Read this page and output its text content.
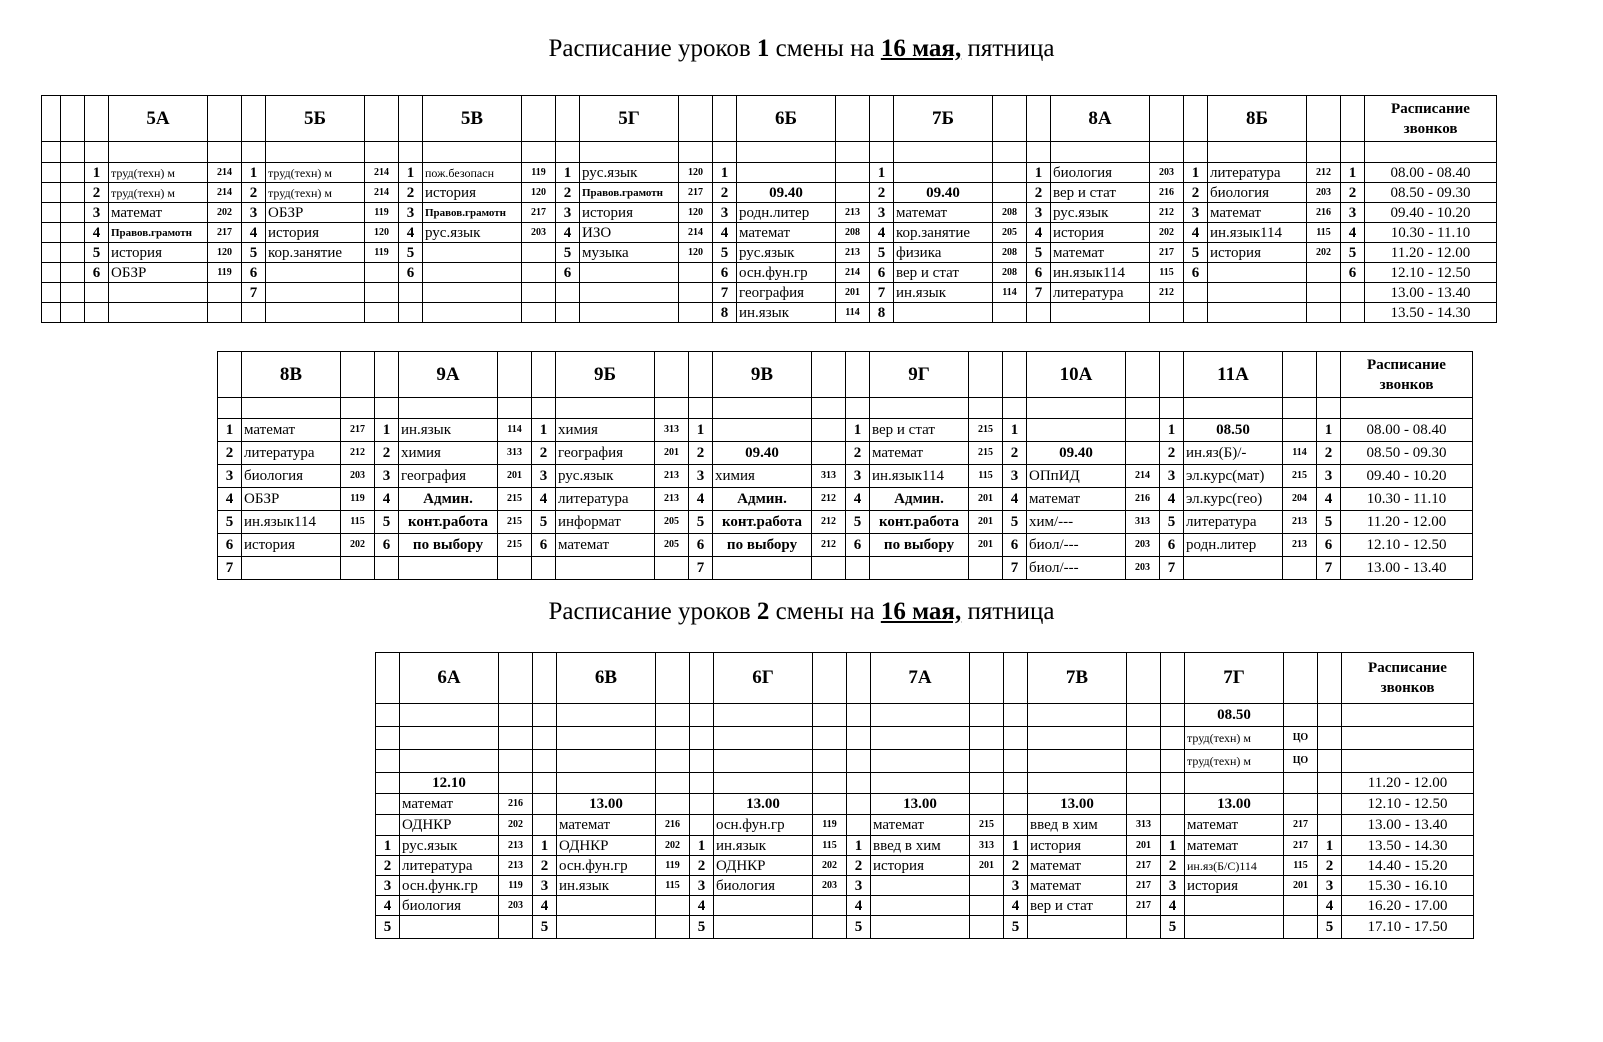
Расписание уроков 1 смены на 16 мая, пятница
			5А			5Б			5В			5Г			6Б			7Б			8А			8Б			Расписание звонков

		1	труд(техн) м	214	1	труд(техн) м	214	1	пож.безопасн	119	1	рус.язык	120	1			1			1	биология	203	1	литература	212	1	08.00 - 08.40
		2	труд(техн) м	214	2	труд(техн) м	214	2	история	120	2	Правов.грамотн	217	2	09.40		2	09.40		2	вер и стат	216	2	биология	203	2	08.50 - 09.30
		3	математ	202	3	ОБЗР	119	3	Правов.грамотн	217	3	история	120	3	родн.литер	213	3	математ	208	3	рус.язык	212	3	математ	216	3	09.40 - 10.20
		4	Правов.грамотн	217	4	история	120	4	рус.язык	203	4	ИЗО	214	4	математ	208	4	кор.занятие	205	4	история	202	4	ин.язык114	115	4	10.30 - 11.10
		5	история	120	5	кор.занятие	119	5			5	музыка	120	5	рус.язык	213	5	физика	208	5	математ	217	5	история	202	5	11.20 - 12.00
		6	ОБЗР	119	6			6			6			6	осн.фун.гр	214	6	вер и стат	208	6	ин.язык114	115	6			6	12.10 - 12.50
					7									7	география	201	7	ин.язык	114	7	литература	212					13.00 - 13.40
														8	ин.язык	114	8										13.50 - 14.30
	8В			9А			9Б			9В			9Г			10А			11А			Расписание звонков

1	математ	217	1	ин.язык	114	1	химия	313	1			1	вер и стат	215	1			1	08.50		1	08.00 - 08.40
2	литература	212	2	химия	313	2	география	201	2	09.40		2	математ	215	2	09.40		2	ин.яз(Б)/-	114	2	08.50 - 09.30
3	биология	203	3	география	201	3	рус.язык	213	3	химия	313	3	ин.язык114	115	3	ОПпИД	214	3	эл.курс(мат)	215	3	09.40 - 10.20
4	ОБЗР	119	4	Админ.	215	4	литература	213	4	Админ.	212	4	Админ.	201	4	математ	216	4	эл.курс(гео)	204	4	10.30 - 11.10
5	ин.язык114	115	5	конт.работа	215	5	информат	205	5	конт.работа	212	5	конт.работа	201	5	хим/---	313	5	литература	213	5	11.20 - 12.00
6	история	202	6	по выбору	215	6	математ	205	6	по выбору	212	6	по выбору	201	6	биол/---	203	6	родн.литер	213	6	12.10 - 12.50
7									7						7	биол/---	203	7			7	13.00 - 13.40
Расписание уроков 2 смены на 16 мая, пятница
	6А			6В			6Г			7А			7В			7Г			Расписание звонков
																08.50			
																труд(техн) м	ЦО		
																труд(техн) м	ЦО		
	12.10																		11.20 - 12.00
	математ	216		13.00			13.00			13.00			13.00			13.00			12.10 - 12.50
	ОДНКР	202		математ	216		осн.фун.гр	119		математ	215		введ в хим	313		математ	217		13.00 - 13.40
1	рус.язык	213	1	ОДНКР	202	1	ин.язык	115	1	введ в хим	313	1	история	201	1	математ	217	1	13.50 - 14.30
2	литература	213	2	осн.фун.гр	119	2	ОДНКР	202	2	история	201	2	математ	217	2	ин.яз(Б/С)114	115	2	14.40 - 15.20
3	осн.функ.гр	119	3	ин.язык	115	3	биология	203	3			3	математ	217	3	история	201	3	15.30 - 16.10
4	биология	203	4			4			4			4	вер и стат	217	4			4	16.20 - 17.00
5			5			5			5			5			5			5	17.10 - 17.50
